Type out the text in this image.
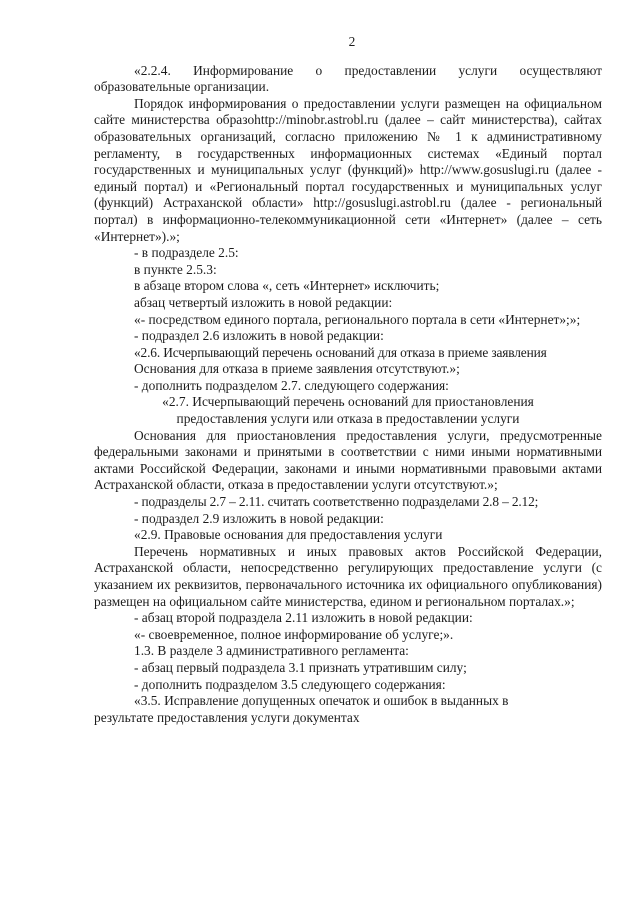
2

«2.2.4. Информирование о предоставлении услуги осуществляют образовательные организации.

Порядок информирования о предоставлении услуги размещен на официальном сайте министерства образоhttp://minobr.astrobl.ru (далее – сайт министерства), сайтах образовательных организаций, согласно приложению № 1 к административному регламенту, в государственных информационных системах «Единый портал государственных и муниципальных услуг (функций)» http://www.gosuslugi.ru (далее - единый портал) и «Региональный портал государственных и муниципальных услуг (функций) Астраханской области» http://gosuslugi.astrobl.ru (далее - региональный портал) в информационно-телекоммуникационной сети «Интернет» (далее – сеть «Интернет»).»;

- в подразделе 2.5:

в пункте 2.5.3:

в абзаце втором слова «, сеть «Интернет» исключить;

абзац четвертый изложить в новой редакции:

«- посредством единого портала, регионального портала в сети «Интернет»;»;

- подраздел 2.6 изложить в новой редакции:

«2.6. Исчерпывающий перечень оснований для отказа в приеме заявления

Основания для отказа в приеме заявления отсутствуют.»;

- дополнить подразделом 2.7. следующего содержания:

«2.7. Исчерпывающий перечень оснований для приостановления

предоставления услуги или отказа в предоставлении услуги

Основания для приостановления предоставления услуги, предусмотренные федеральными законами и принятыми в соответствии с ними иными нормативными актами Российской Федерации, законами и иными нормативными правовыми актами Астраханской области, отказа в предоставлении услуги отсутствуют.»;

- подразделы 2.7 – 2.11. считать соответственно подразделами 2.8 – 2.12;

- подраздел 2.9 изложить в новой редакции:

«2.9. Правовые основания для предоставления услуги

Перечень нормативных и иных правовых актов Российской Федерации, Астраханской области, непосредственно регулирующих предоставление услуги (с указанием их реквизитов, первоначального источника их официального опубликования) размещен на официальном сайте министерства, едином и региональном порталах.»;

- абзац второй подраздела 2.11 изложить в новой редакции:

«- своевременное, полное информирование об услуге;».

1.3. В разделе 3 административного регламента:

- абзац первый подраздела 3.1 признать утратившим силу;

- дополнить подразделом 3.5 следующего содержания:

«3.5. Исправление допущенных опечаток и ошибок в выданных в

результате предоставления услуги документах
